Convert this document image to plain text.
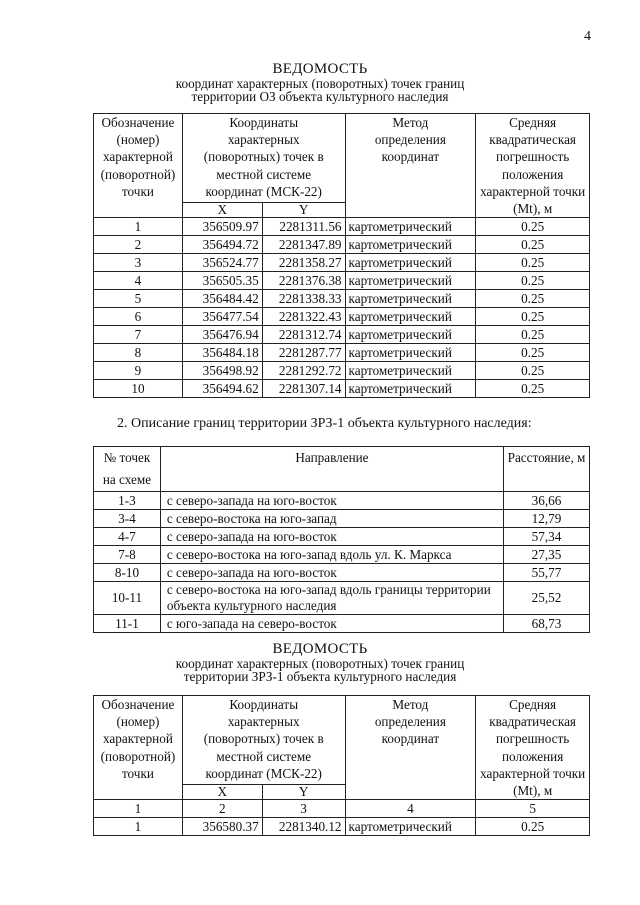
4
ВЕДОМОСТЬ
координат характерных (поворотных) точек границ
территории ОЗ объекта культурного наследия
Обозначение (номер) характерной (поворотной) точки	Координаты характерных (поворотных) точек в местной системе координат (МСК-22)		Метод определения координат	Средняя квадратическая погрешность положения характерной точки (Mt), м
	X	Y		
1	356509.97	2281311.56	картометрический	0.25
2	356494.72	2281347.89	картометрический	0.25
3	356524.77	2281358.27	картометрический	0.25
4	356505.35	2281376.38	картометрический	0.25
5	356484.42	2281338.33	картометрический	0.25
6	356477.54	2281322.43	картометрический	0.25
7	356476.94	2281312.74	картометрический	0.25
8	356484.18	2281287.77	картометрический	0.25
9	356498.92	2281292.72	картометрический	0.25
10	356494.62	2281307.14	картометрический	0.25
2. Описание границ территории ЗРЗ-1 объекта культурного наследия:
№ точек на схеме	Направление	Расстояние, м
1-3	с северо-запада на юго-восток	36,66
3-4	с северо-востока на юго-запад	12,79
4-7	с северо-запада на юго-восток	57,34
7-8	с северо-востока на юго-запад вдоль ул. К. Маркса	27,35
8-10	с северо-запада на юго-восток	55,77
10-11	с северо-востока на юго-запад вдоль границы территории объекта культурного наследия	25,52
11-1	с юго-запада на северо-восток	68,73
ВЕДОМОСТЬ
координат характерных (поворотных) точек границ
территории ЗРЗ-1 объекта культурного наследия
Обозначение (номер) характерной (поворотной) точки	Координаты характерных (поворотных) точек в местной системе координат (МСК-22)		Метод определения координат	Средняя квадратическая погрешность положения характерной точки (Mt), м
	X	Y		
1	2	3	4	5
1	356580.37	2281340.12	картометрический	0.25
